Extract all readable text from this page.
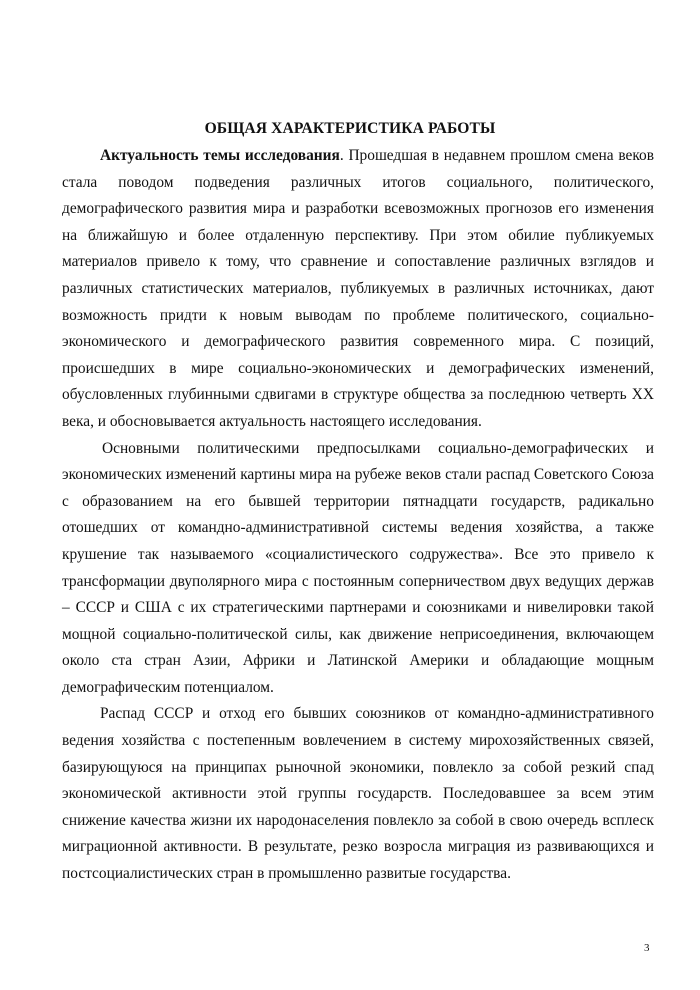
ОБЩАЯ ХАРАКТЕРИСТИКА РАБОТЫ

Актуальность темы исследования. Прошедшая в недавнем прошлом смена веков стала поводом подведения различных итогов социального, политического, демографического развития мира и разработки всевозможных прогнозов его изменения на ближайшую и более отдаленную перспективу. При этом обилие публикуемых материалов привело к тому, что сравнение и сопоставление различных взглядов и различных статистических материалов, публикуемых в различных источниках, дают возможность придти к новым выводам по проблеме политического, социально-экономического и демографического развития современного мира. С позиций, происшедших в мире социально-экономических и демографических изменений, обусловленных глубинными сдвигами в структуре общества за последнюю четверть XX века, и обосновывается актуальность настоящего исследования.

Основными политическими предпосылками социально-демографических и экономических изменений картины мира на рубеже веков стали распад Советского Союза с образованием на его бывшей территории пятнадцати государств, радикально отошедших от командно-административной системы ведения хозяйства, а также крушение так называемого «социалистического содружества». Все это привело к трансформации двуполярного мира с постоянным соперничеством двух ведущих держав – СССР и США с их стратегическими партнерами и союзниками и нивелировки такой мощной социально-политической силы, как движение неприсоединения, включающем около ста стран Азии, Африки и Латинской Америки и обладающие мощным демографическим потенциалом.

Распад СССР и отход его бывших союзников от командно-административного ведения хозяйства с постепенным вовлечением в систему мирохозяйственных связей, базирующуюся на принципах рыночной экономики, повлекло за собой резкий спад экономической активности этой группы государств. Последовавшее за всем этим снижение качества жизни их народонаселения повлекло за собой в свою очередь всплеск миграционной активности. В результате, резко возросла миграция из развивающихся и постсоциалистических стран в промышленно развитые государства.

3
